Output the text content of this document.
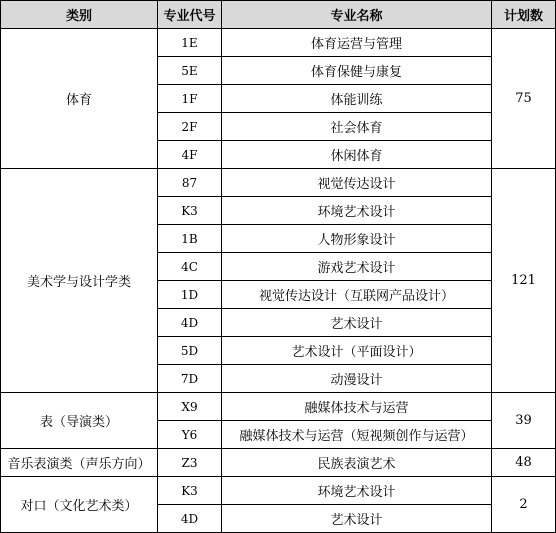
类别	专业代号	专业名称	计划数
体育	1E	体育运营与管理	75
	5E	体育保健与康复	
	1F	体能训练	
	2F	社会体育	
	4F	休闲体育	
美术学与设计学类	87	视觉传达设计	121
	K3	环境艺术设计	
	1B	人物形象设计	
	4C	游戏艺术设计	
	1D	视觉传达设计（互联网产品设计）	
	4D	艺术设计	
	5D	艺术设计（平面设计）	
	7D	动漫设计	
表（导演类）	X9	融媒体技术与运营	39
	Y6	融媒体技术与运营（短视频创作与运营）	
音乐表演类（声乐方向）	Z3	民族表演艺术	48
对口（文化艺术类）	K3	环境艺术设计	2
	4D	艺术设计	
